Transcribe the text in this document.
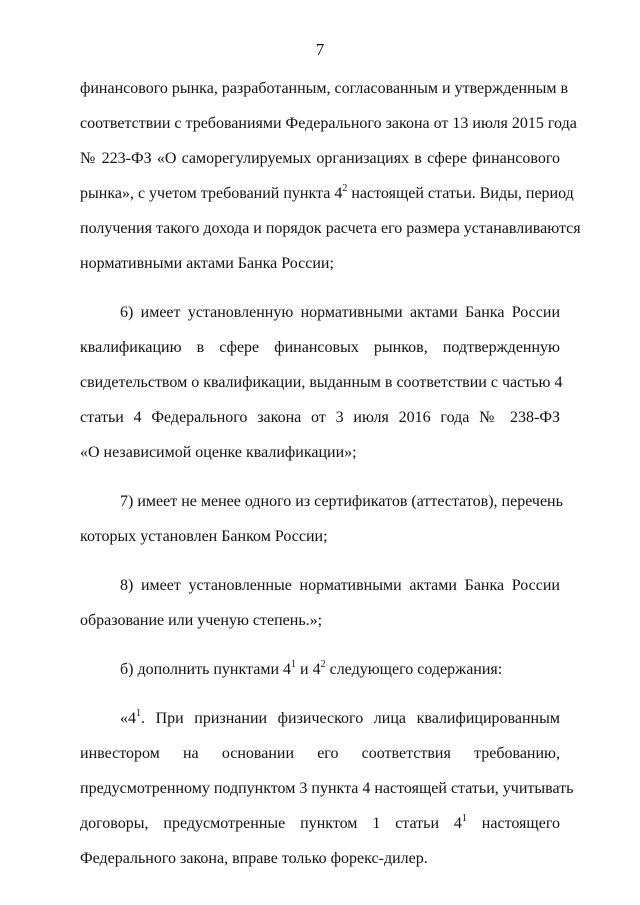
7
финансового рынка, разработанным, согласованным и утвержденным в
соответствии с требованиями Федерального закона от 13 июля 2015 года
№ 223-ФЗ «О саморегулируемых организациях в сфере финансового
рынка», с учетом требований пункта $4^2$ настоящей статьи. Виды, период
получения такого дохода и порядок расчета его размера устанавливаются
нормативными актами Банка России;
6) имеет установленную нормативными актами Банка России
квалификацию в сфере финансовых рынков, подтвержденную
свидетельством о квалификации, выданным в соответствии с частью 4
статьи 4 Федерального закона от 3 июля 2016 года № 238-ФЗ
«О независимой оценке квалификации»;
7) имеет не менее одного из сертификатов (аттестатов), перечень
которых установлен Банком России;
8) имеет установленные нормативными актами Банка России
образование или ученую степень.»;
б) дополнить пунктами $4^1$ и $4^2$ следующего содержания:
«$4^1$. При признании физического лица квалифицированным
инвестором на основании его соответствия требованию,
предусмотренному подпунктом 3 пункта 4 настоящей статьи, учитывать
договоры, предусмотренные пунктом 1 статьи $4^1$ настоящего
Федерального закона, вправе только форекс-дилер.
